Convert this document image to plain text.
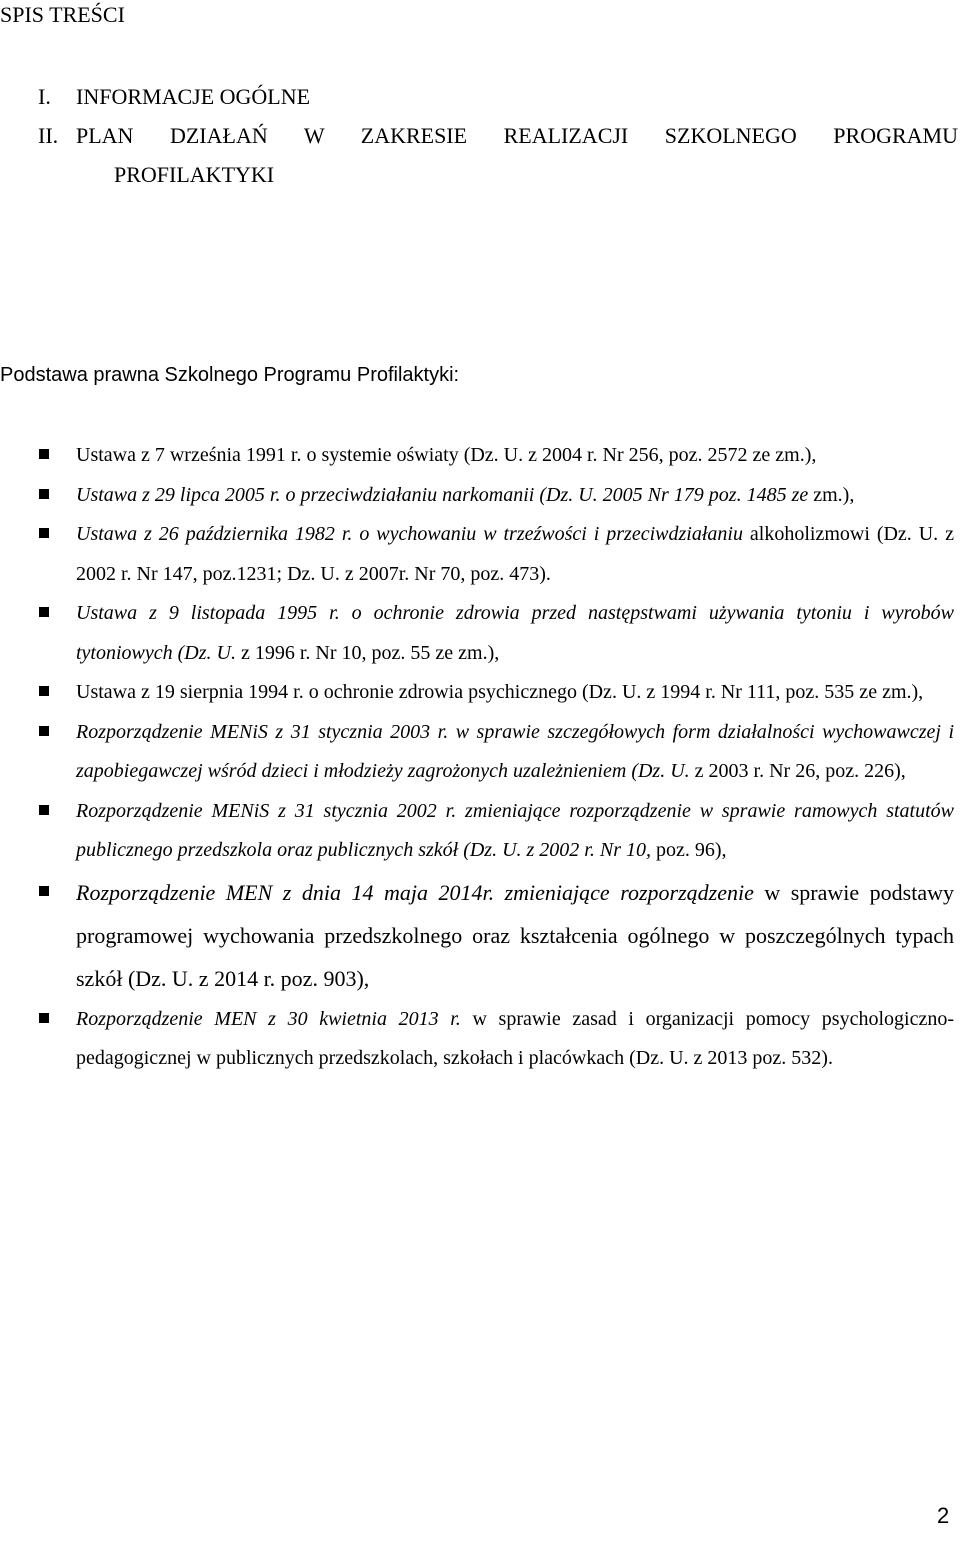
SPIS TREŚCI
I. INFORMACJE OGÓLNE
II. PLAN DZIAŁAŃ W ZAKRESIE REALIZACJI SZKOLNEGO PROGRAMU
PROFILAKTYKI
Podstawa prawna Szkolnego Programu Profilaktyki:
Ustawa z 7 września 1991 r. o systemie oświaty (Dz. U. z 2004 r. Nr 256, poz. 2572 ze zm.),
Ustawa z 29 lipca 2005 r. o przeciwdziałaniu narkomanii (Dz. U. 2005 Nr 179 poz. 1485 ze zm.),
Ustawa z 26 października 1982 r. o wychowaniu w trzeźwości i przeciwdziałaniu alkoholizmowi (Dz. U. z 2002 r. Nr 147, poz.1231; Dz. U. z 2007r. Nr 70, poz. 473).
Ustawa z 9 listopada 1995 r. o ochronie zdrowia przed następstwami używania tytoniu i wyrobów tytoniowych (Dz. U. z 1996 r. Nr 10, poz. 55 ze zm.),
Ustawa z 19 sierpnia 1994 r. o ochronie zdrowia psychicznego (Dz. U. z 1994 r. Nr 111, poz. 535 ze zm.),
Rozporządzenie MENiS z 31 stycznia 2003 r. w sprawie szczegółowych form działalności wychowawczej i zapobiegawczej wśród dzieci i młodzieży zagrożonych uzależnieniem (Dz. U. z 2003 r. Nr 26, poz. 226),
Rozporządzenie MENiS z 31 stycznia 2002 r. zmieniające rozporządzenie w sprawie ramowych statutów publicznego przedszkola oraz publicznych szkół (Dz. U. z 2002 r. Nr 10, poz. 96),
Rozporządzenie MEN z dnia 14 maja 2014r. zmieniające rozporządzenie w sprawie podstawy programowej wychowania przedszkolnego oraz kształcenia ogólnego w poszczególnych typach szkół (Dz. U. z 2014 r. poz. 903),
Rozporządzenie MEN z 30 kwietnia 2013 r. w sprawie zasad i organizacji pomocy psychologiczno-pedagogicznej w publicznych przedszkolach, szkołach i placówkach (Dz. U. z 2013 poz. 532).
2
